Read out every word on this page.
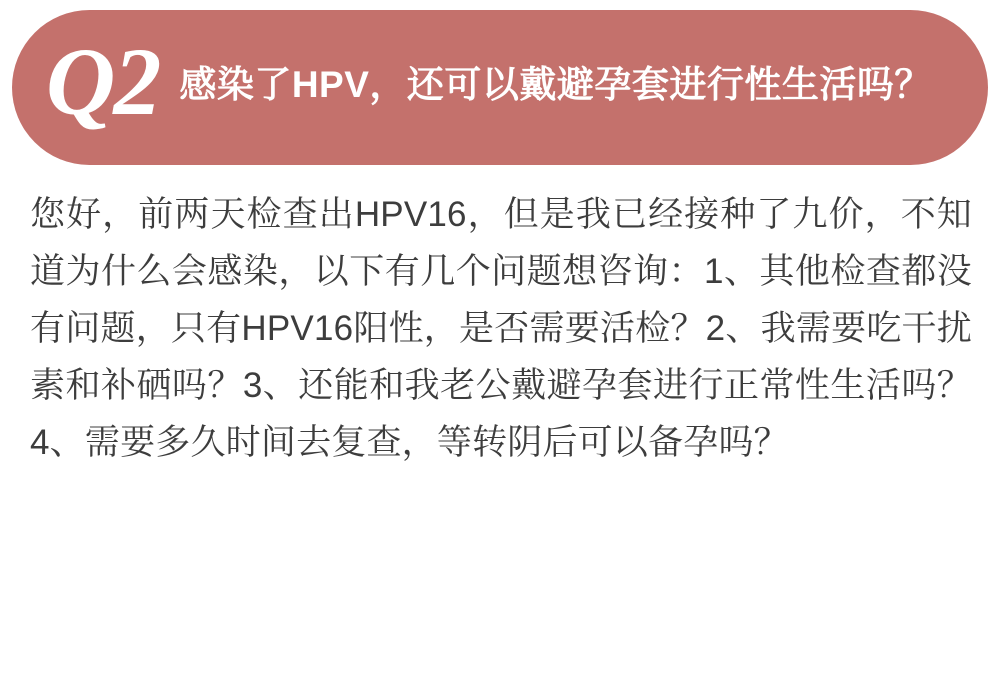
Q2 感染了HPV，还可以戴避孕套进行性生活吗？
您好，前两天检查出HPV16，但是我已经接种了九价，不知道为什么会感染，以下有几个问题想咨询：1、其他检查都没有问题，只有HPV16阳性，是否需要活检？2、我需要吃干扰素和补硒吗？3、还能和我老公戴避孕套进行正常性生活吗？4、需要多久时间去复查，等转阴后可以备孕吗？
